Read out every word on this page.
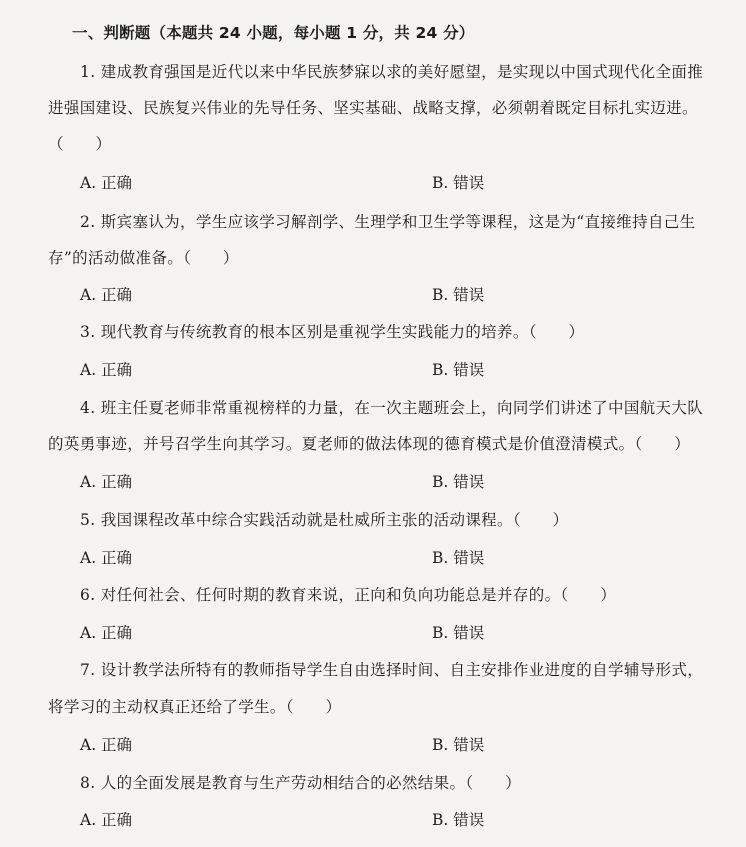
一、判断题（本题共 24 小题，每小题 1 分，共 24 分）
1. 建成教育强国是近代以来中华民族梦寐以求的美好愿望，是实现以中国式现代化全面推
进强国建设、民族复兴伟业的先导任务、坚实基础、战略支撑，必须朝着既定目标扎实迈进。
（　　）
A. 正确	B. 错误
2. 斯宾塞认为，学生应该学习解剖学、生理学和卫生学等课程，这是为“直接维持自己生
存”的活动做准备。（　　）
A. 正确	B. 错误
3. 现代教育与传统教育的根本区别是重视学生实践能力的培养。（　　）
A. 正确	B. 错误
4. 班主任夏老师非常重视榜样的力量，在一次主题班会上，向同学们讲述了中国航天大队
的英勇事迹，并号召学生向其学习。夏老师的做法体现的德育模式是价值澄清模式。（　　）
A. 正确	B. 错误
5. 我国课程改革中综合实践活动就是杜威所主张的活动课程。（　　）
A. 正确	B. 错误
6. 对任何社会、任何时期的教育来说，正向和负向功能总是并存的。（　　）
A. 正确	B. 错误
7. 设计教学法所特有的教师指导学生自由选择时间、自主安排作业进度的自学辅导形式，
将学习的主动权真正还给了学生。（　　）
A. 正确	B. 错误
8. 人的全面发展是教育与生产劳动相结合的必然结果。（　　）
A. 正确	B. 错误
